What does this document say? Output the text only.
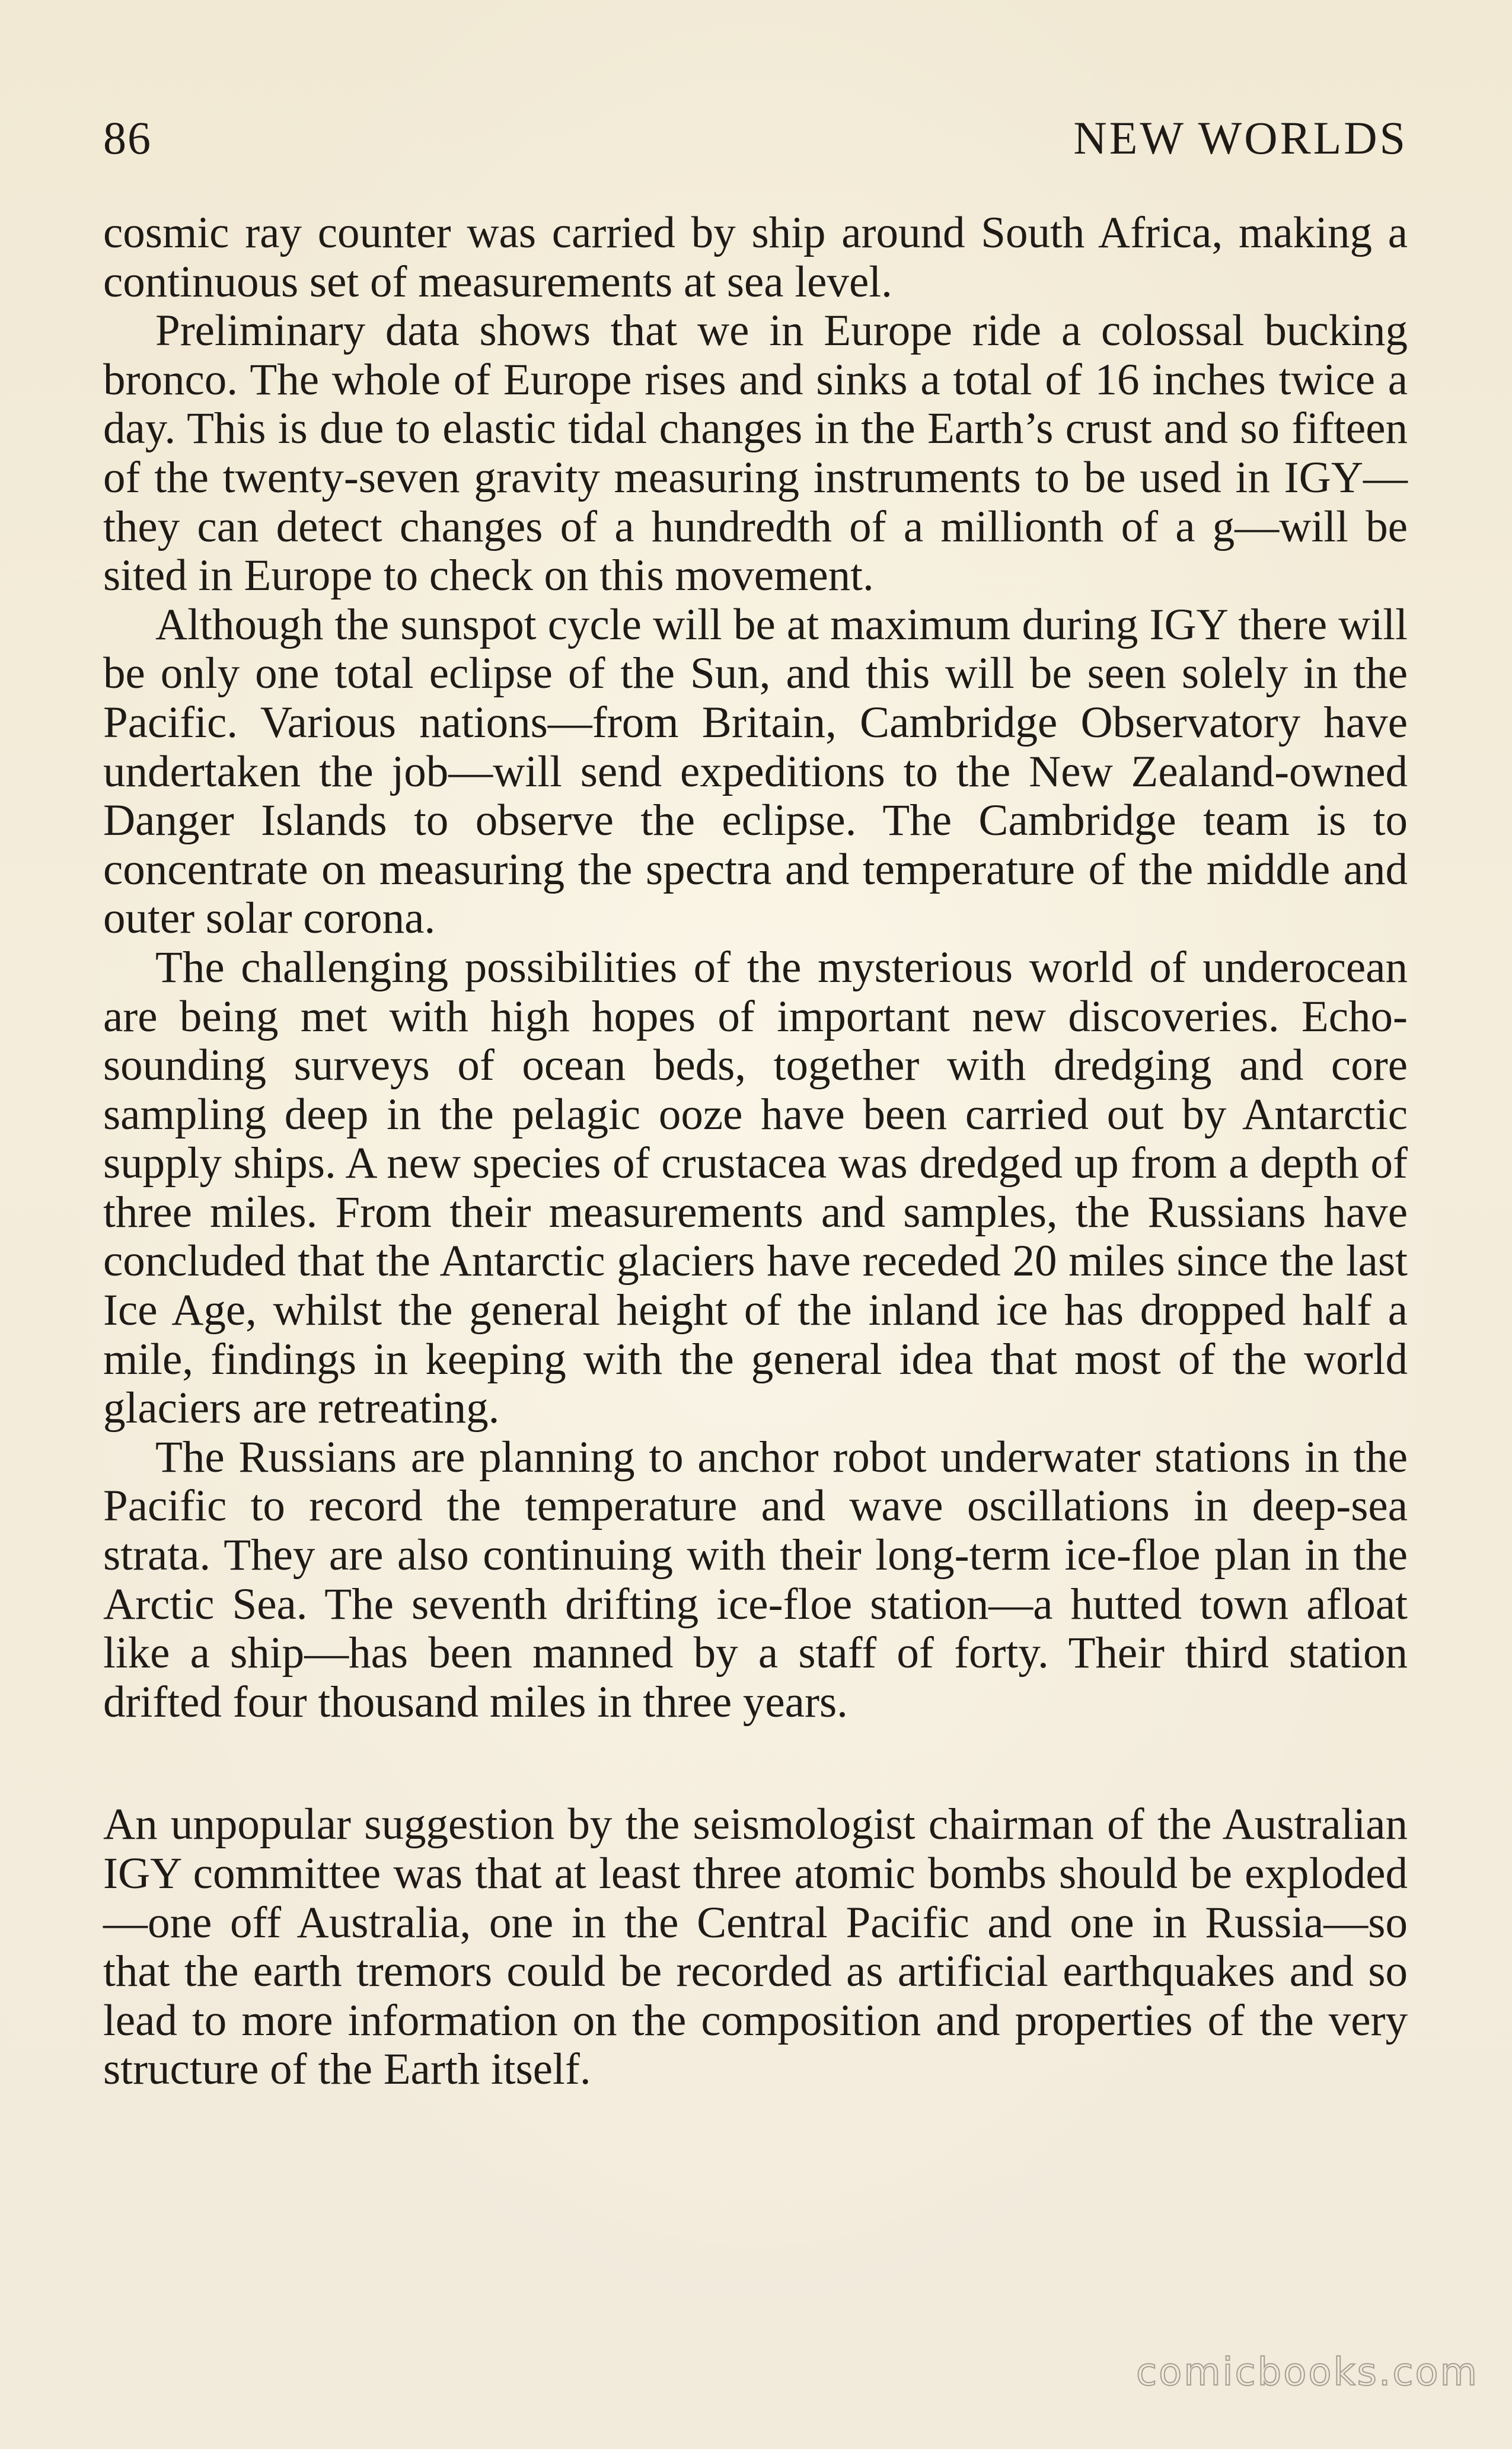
86	NEW WORLDS

cosmic ray counter was carried by ship around South Africa, making a continuous set of measurements at sea level.

Preliminary data shows that we in Europe ride a colossal bucking bronco. The whole of Europe rises and sinks a total of 16 inches twice a day. This is due to elastic tidal changes in the Earth’s crust and so fifteen of the twenty-seven gravity measuring instruments to be used in IGY—they can detect changes of a hundredth of a millionth of a g—will be sited in Europe to check on this movement.

Although the sunspot cycle will be at maximum during IGY there will be only one total eclipse of the Sun, and this will be seen solely in the Pacific. Various nations—from Britain, Cambridge Observatory have undertaken the job—will send expeditions to the New Zealand-owned Danger Islands to observe the eclipse. The Cambridge team is to concentrate on measuring the spectra and temperature of the middle and outer solar corona.

The challenging possibilities of the mysterious world of underocean are being met with high hopes of important new discoveries. Echo-sounding surveys of ocean beds, together with dredging and core sampling deep in the pelagic ooze have been carried out by Antarctic supply ships. A new species of crustacea was dredged up from a depth of three miles. From their measurements and samples, the Russians have concluded that the Antarctic glaciers have receded 20 miles since the last Ice Age, whilst the general height of the inland ice has dropped half a mile, findings in keeping with the general idea that most of the world glaciers are retreating.

The Russians are planning to anchor robot underwater stations in the Pacific to record the temperature and wave oscillations in deep-sea strata. They are also continuing with their long-term ice-floe plan in the Arctic Sea. The seventh drifting ice-floe station—a hutted town afloat like a ship—has been manned by a staff of forty. Their third station drifted four thousand miles in three years.

An unpopular suggestion by the seismologist chairman of the Australian IGY committee was that at least three atomic bombs should be exploded—one off Australia, one in the Central Pacific and one in Russia—so that the earth tremors could be recorded as artificial earthquakes and so lead to more information on the composition and properties of the very structure of the Earth itself.

comicbooks.com
